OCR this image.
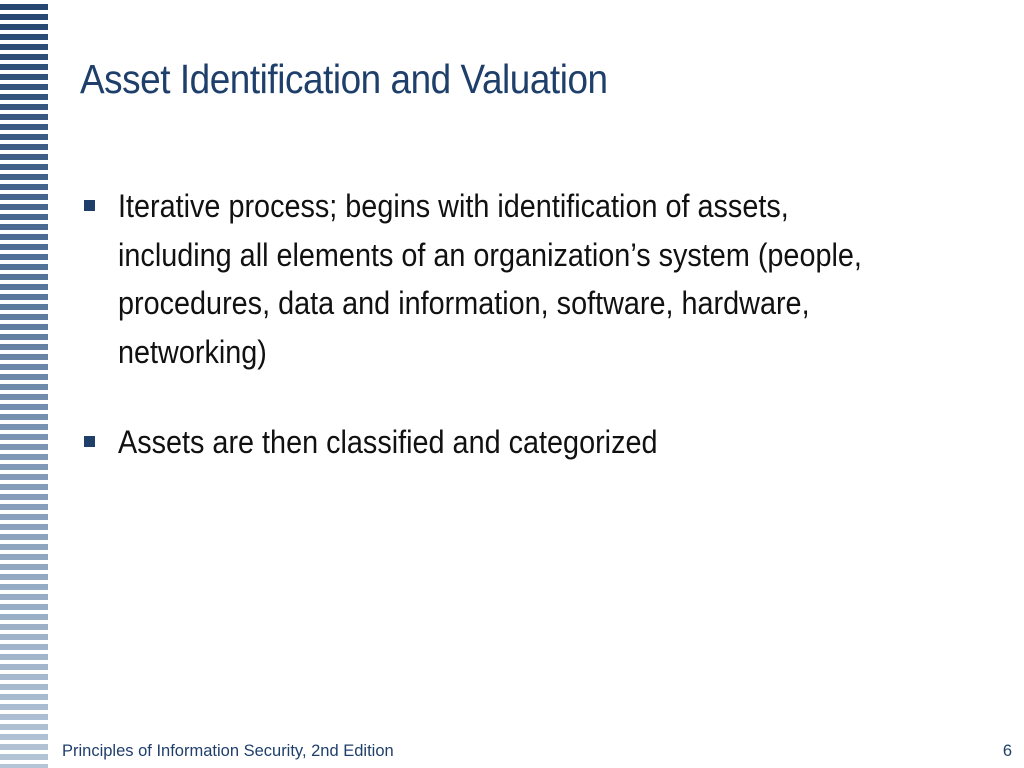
Asset Identification and Valuation
Iterative process; begins with identification of assets, including all elements of an organization’s system (people, procedures, data and information, software, hardware, networking)
Assets are then classified and categorized
Principles of Information Security, 2nd Edition	6
